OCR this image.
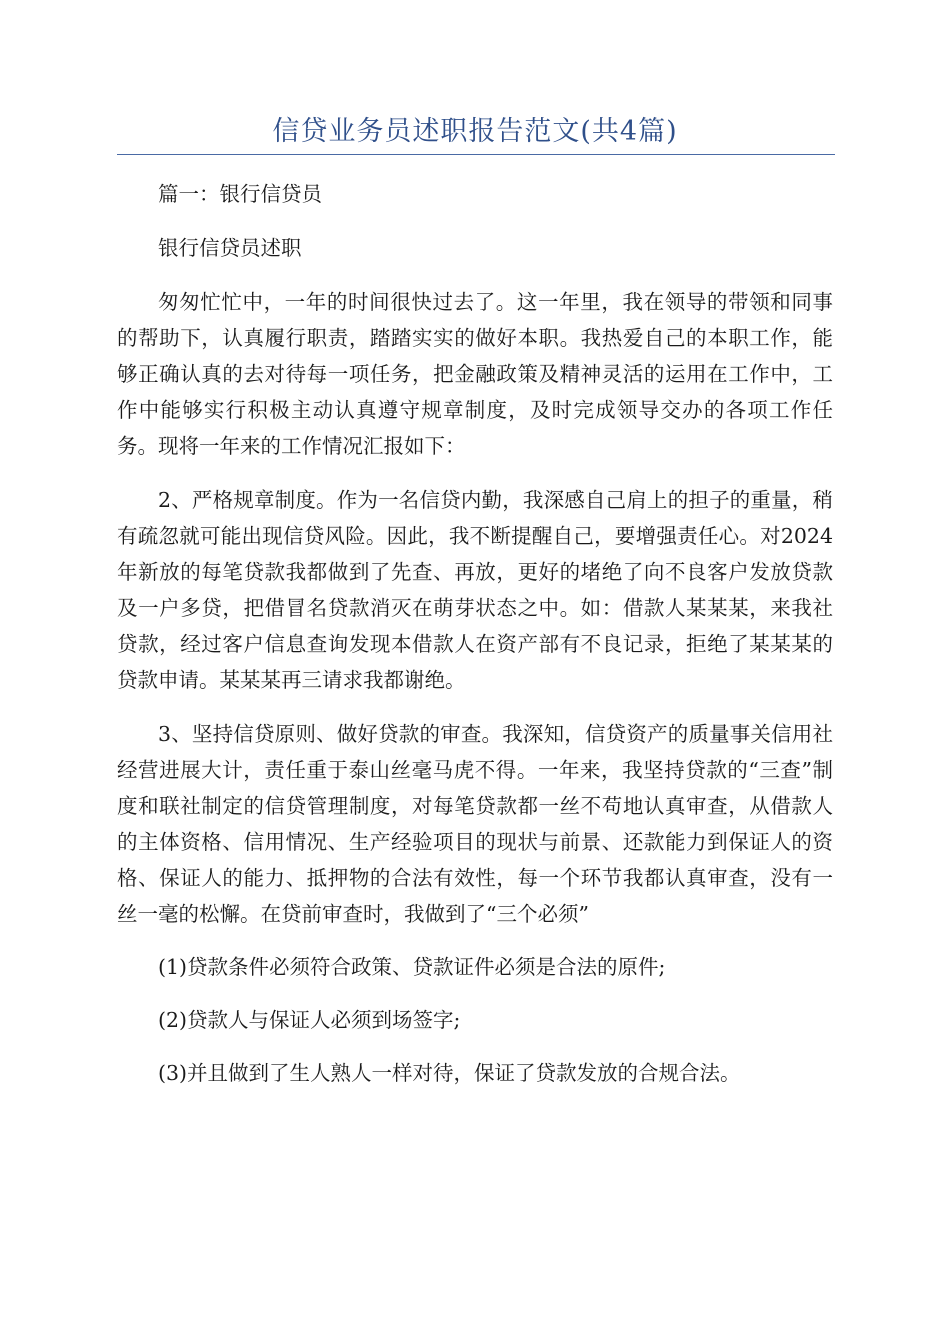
信贷业务员述职报告范文(共4篇)

篇一：银行信贷员

银行信贷员述职

匆匆忙忙中，一年的时间很快过去了。这一年里，我在领导的带领和同事的帮助下，认真履行职责，踏踏实实的做好本职。我热爱自己的本职工作，能够正确认真的去对待每一项任务，把金融政策及精神灵活的运用在工作中，工作中能够实行积极主动认真遵守规章制度，及时完成领导交办的各项工作任务。现将一年来的工作情况汇报如下：

2、严格规章制度。作为一名信贷内勤，我深感自己肩上的担子的重量，稍有疏忽就可能出现信贷风险。因此，我不断提醒自己，要增强责任心。对2024年新放的每笔贷款我都做到了先查、再放，更好的堵绝了向不良客户发放贷款及一户多贷，把借冒名贷款消灭在萌芽状态之中。如：借款人某某某，来我社贷款，经过客户信息查询发现本借款人在资产部有不良记录，拒绝了某某某的贷款申请。某某某再三请求我都谢绝。

3、坚持信贷原则、做好贷款的审查。我深知，信贷资产的质量事关信用社经营进展大计，责任重于泰山丝毫马虎不得。一年来，我坚持贷款的“三查”制度和联社制定的信贷管理制度，对每笔贷款都一丝不苟地认真审查，从借款人的主体资格、信用情况、生产经验项目的现状与前景、还款能力到保证人的资格、保证人的能力、抵押物的合法有效性，每一个环节我都认真审查，没有一丝一毫的松懈。在贷前审查时，我做到了“三个必须”

(1)贷款条件必须符合政策、贷款证件必须是合法的原件;

(2)贷款人与保证人必须到场签字;

(3)并且做到了生人熟人一样对待，保证了贷款发放的合规合法。
